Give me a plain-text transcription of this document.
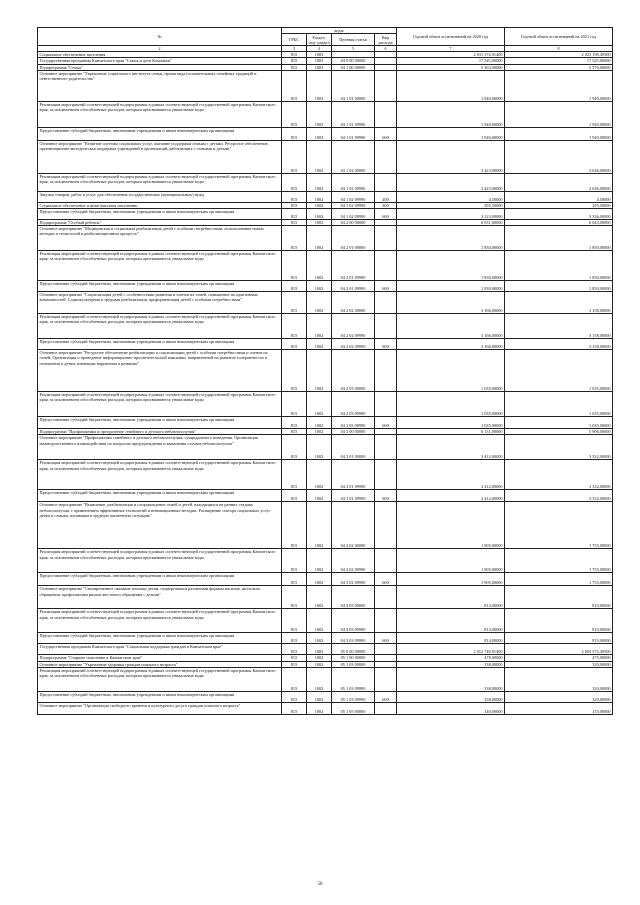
№	коды				Годовой объем ассигнований на 2020 год	Годовой объем ассигнований на 2021 год
	ГРБС	Раздел, под- раздел	Целевая статья	Вид расхода		
2	3	4	5	6	7	8
Социальное обеспечение населения	815	1003			2 031 374,91400	2 023 198,49500
Государственная программа Камчатского края "Семья и дети Камчатки"	815	1003	04 0 00 00000		17 525,00000	17 525,00000
Подпрограмма "Семья"	815	1003	04 1 00 00000		5 363,00000	5 576,00000
Основное мероприятие "Укрепление социального института семьи, пропаганда положительных семейных традиций и ответственного родительства"	815	1003	04 1 01 00000		1 940,00000	1 940,00000
Реализация мероприятий соответствующей подпрограммы в рамках соответствующей государственной программы Камчатского края, за исключением обособленных расходов, которым присваиваются уникальные коды	815	1003	04 1 01 09990		1 940,00000	1 940,00000
Предоставление субсидий бюджетным, автономным учреждениям и иным некоммерческим организациям	815	1003	04 1 01 09990	600	1 940,00000	1 940,00000
Основное мероприятие "Развитие системы социальных услуг, оказание поддержки семьям с детьми. Ресурсное обеспечение, организационно-методическая поддержка учреждений и организаций, работающих с семьями и детьми"	815	1002	04 1 02 00000		3 423,00000	3 636,00000
Реализация мероприятий соответствующей подпрограммы в рамках соответствующей государственной программы Камчатского края, за исключением обособленных расходов, которым присваиваются уникальные коды	815	1002	04 1 02 09990		3 423,00000	3 636,00000
Закупка товаров, работ и услуг для обеспечения государственных (муниципальных) нужд	815	1002	04 1 02 09990	200	4,50000	4,50000
Социальное обеспечение и иные выплаты населению	815	1002	04 1 02 09990	300	295,50000	295,50000
Предоставление субсидий бюджетным, автономным учреждениям и иным некоммерческим организациям	815	1002	04 1 02 09990	600	3 123,00000	3 336,00000
Подпрограмма "Особый ребенок"	815	1002	04 2 00 00000		6 031,00000	6 043,00000
Основное мероприятие "Медицинская и социальная реабилитация детей с особыми потребностями, использование новых методик и технологий в реабилитационном процессе"	815	1002	04 2 01 00000		1 830,00000	1 850,00000
Реализация мероприятий соответствующей подпрограммы в рамках соответствующей государственной программы Камчатского края, за исключением обособленных расходов, которым присваиваются уникальные коды	815	1002	04 2 01 09990		1 830,00000	1 850,00000
Предоставление субсидий бюджетным, автономным учреждениям и иным некоммерческим организациям	815	1002	04 2 01 09990	600	1 830,00000	1 850,00000
Основное мероприятие "Социализация детей с особенностями развития и членов их семей, повышение их адаптивных возможностей. Социокультурная и трудовая реабилитация, профориентация детей с особыми потребностями"	815	1002	04 2 02 00000		3 166,00000	3 158,00000
Реализация мероприятий соответствующей подпрограммы в рамках соответствующей государственной программы Камчатского края, за исключением обособленных расходов, которым присваиваются уникальные коды	815	1002	04 2 02 09990		3 166,00000	3 158,00000
Предоставление субсидий бюджетным, автономным учреждениям и иным некоммерческим организациям	815	1002	04 2 02 09990	600	3 166,00000	3 158,00000
Основное мероприятие "Ресурсное обеспечение реабилитации и социализации детей с особыми потребностями и членов их семей. Организация и проведение информационно-просветительской кампании, направленной на развитие толерантности в отношении к детям, имеющим нарушения в развитии"	815	1002	04 2 03 00000		1 035,00000	1 035,00000
Реализация мероприятий соответствующей подпрограммы в рамках соответствующей государственной программы Камчатского края, за исключением обособленных расходов, которым присваиваются уникальные коды	815	1002	04 2 03 09990		1 035,00000	1 035,00000
Предоставление субсидий бюджетным, автономным учреждениям и иным некоммерческим организациям	815	1002	04 2 03 09990	600	1 035,00000	1 035,00000
Подпрограмма "Профилактика и преодоление семейного и детского неблагополучия"	815	1002	04 3 00 00000		6 131,00000	5 906,00000
Основное мероприятие "Профилактика семейного и детского неблагополучия, суицидального поведения. Организация межведомственного взаимодействия по вопросам предупреждения и выявления случаев неблагополучия"	815	1002	04 3 01 00000		3 412,00000	3 332,00000
Реализация мероприятий соответствующей подпрограммы в рамках соответствующей государственной программы Камчатского края, за исключением обособленных расходов, которым присваиваются уникальные коды	815	1002	04 3 01 09990		3 412,00000	3 332,00000
Предоставление субсидий бюджетным, автономным учреждениям и иным некоммерческим организациям	815	1002	04 3 01 09990	600	3 412,00000	3 332,00000
Основное мероприятие "Выявление, реабилитация и сопровождение семей и детей, находящихся на ранних стадиях неблагополучия, с применением эффективных технологий и инновационных методик. Расширение сектора социальных услуг детям и семьям, попавшим в трудную жизненную ситуацию"	815	1002	04 3 02 00000		1 905,00000	1 755,00000
Реализация мероприятий соответствующей подпрограммы в рамках соответствующей государственной программы Камчатского края, за исключением обособленных расходов, которым присваиваются уникальные коды	815	1002	04 3 02 09990		1 905,00000	1 755,00000
Предоставление субсидий бюджетным, автономным учреждениям и иным некоммерческим организациям	815	1002	04 3 02 09990	600	1 905,00000	1 755,00000
Основное мероприятие "Своевременное оказание помощи детям, подвергшимся различным формам насилия, жестокого обращения; профилактика рисков жестокого обращения с детьми"	815	1002	04 3 03 00000		814,00000	819,00000
Реализация мероприятий соответствующей подпрограммы в рамках соответствующей государственной программы Камчатского края, за исключением обособленных расходов, которым присваиваются уникальные коды	815	1002	04 3 03 09990		814,00000	819,00000
Предоставление субсидий бюджетным, автономным учреждениям и иным некоммерческим организациям	815	1002	04 3 03 09990	600	814,00000	819,00000
Государственная программа Камчатского края "Социальная поддержка граждан в Камчатском крае"	815	1003	05 0 00 00000		2 012 749,91400	2 004 573,49500
Подпрограмма "Старшее поколение в Камчатском крае"	815	1002	05 1 00 00000		478,00000	475,00000
Основное мероприятие "Укрепление здоровья граждан пожилого возраста"	815	1002	05 1 03 00000		338,00000	320,00000
Реализация мероприятий соответствующей подпрограммы в рамках соответствующей государственной программы Камчатского края, за исключением обособленных расходов, которым присваиваются уникальные коды	815	1002	05 1 03 09990		338,00000	320,00000
Предоставление субсидий бюджетным, автономным учреждениям и иным некоммерческим организациям	815	1002	05 1 03 09990	600	338,00000	320,00000
Основное мероприятие "Организация свободного времени и культурного досуга граждан пожилого возраста"	815	1002	05 1 05 00000		140,00000	155,00000
56
